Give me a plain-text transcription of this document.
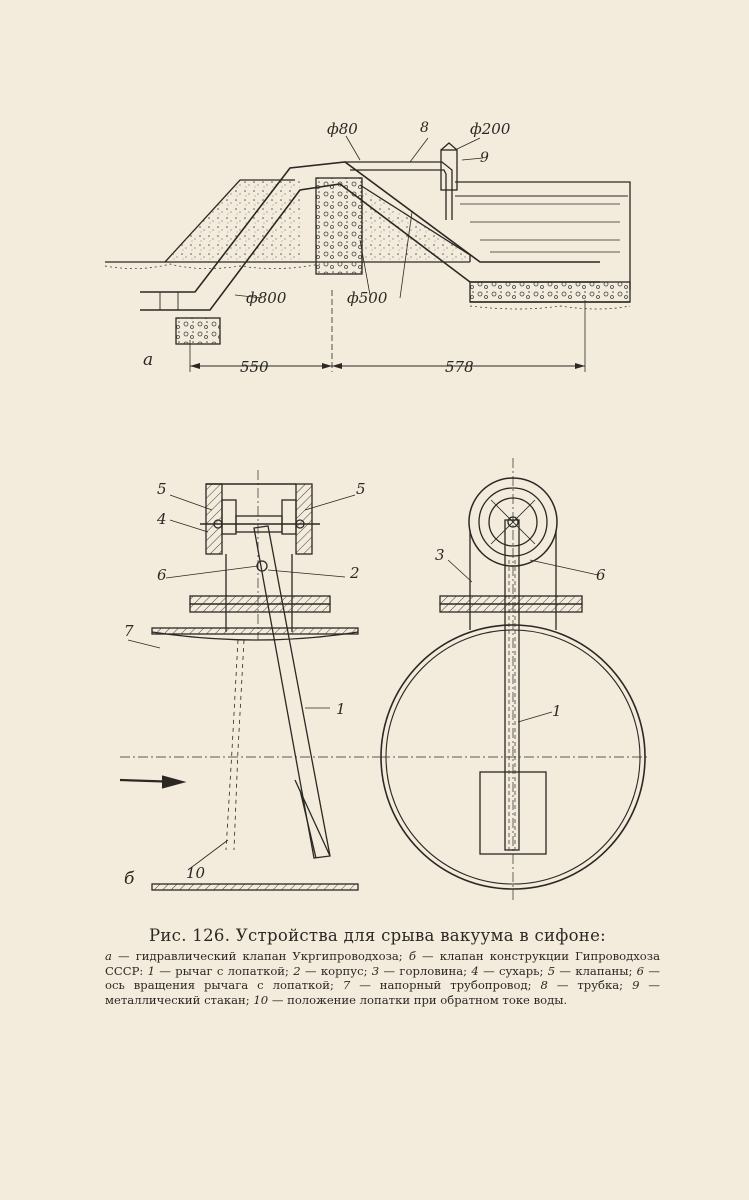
ф80	8	ф200
9
ф800	ф500
а	550	578
5
4
6	2
5
7
1
10
б
3
6
1

Рис. 126. Устройства для срыва вакуума в сифоне:

а — гидравлический клапан Укргипроводхоза; б — клапан конструкции Гипроводхоза СССР: 1 — рычаг с лопаткой; 2 — корпус; 3 — горловина; 4 — сухарь; 5 — клапаны; 6 — ось вращения рычага с лопаткой; 7 — напорный трубопровод; 8 — трубка; 9 — металлический стакан; 10 — положение лопатки при обратном токе воды.
